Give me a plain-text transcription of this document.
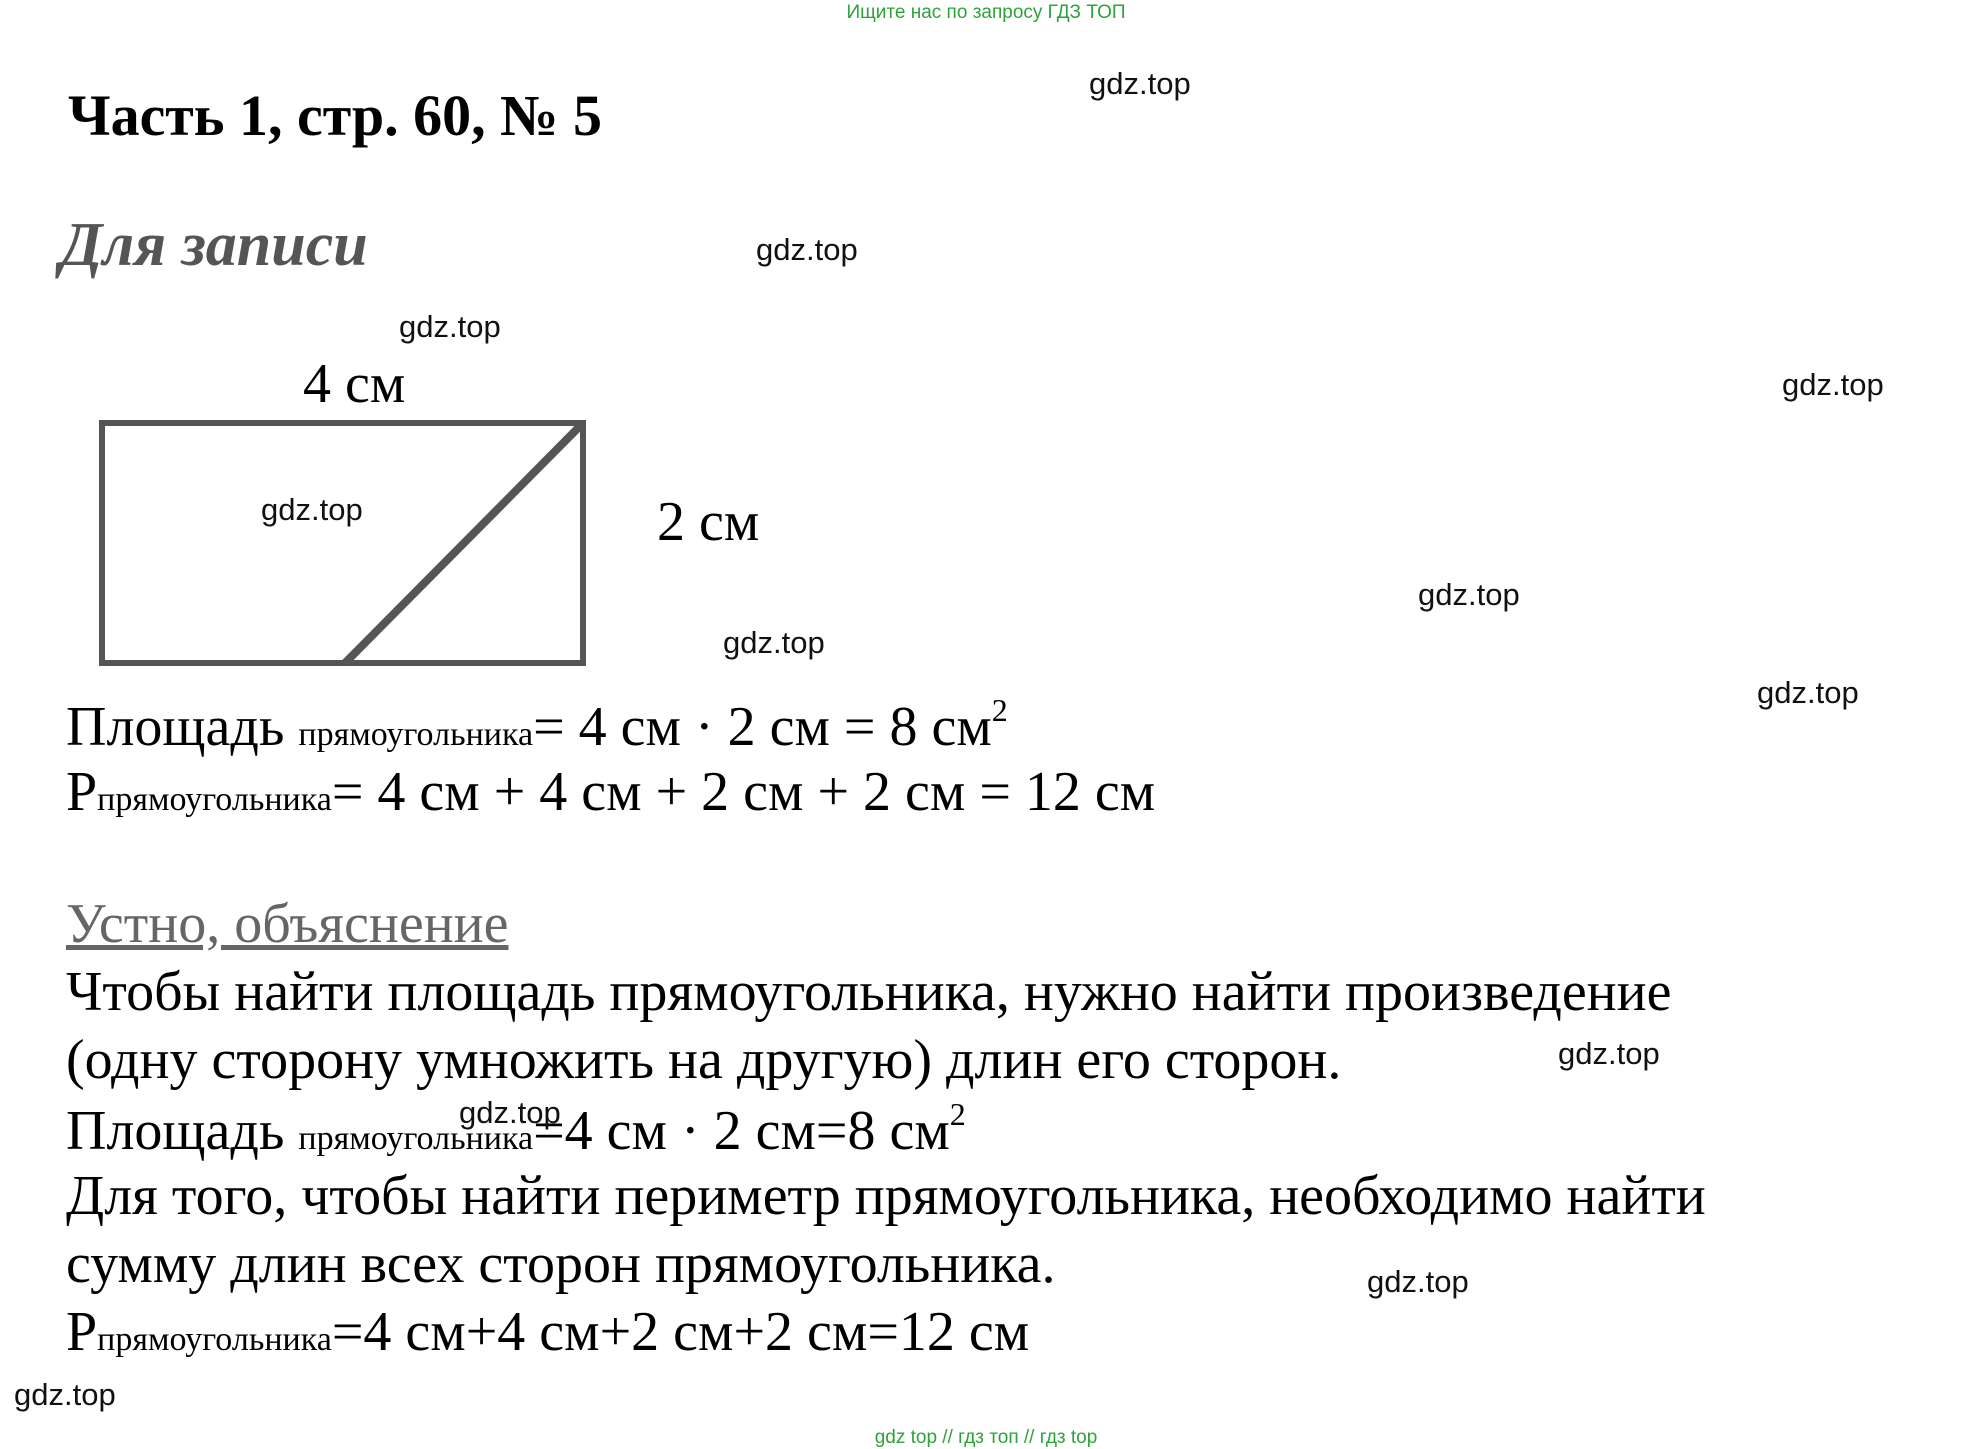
Ищите нас по запросу ГДЗ ТОП
Часть 1, стр. 60, № 5
Для записи
4 см
2 см
Площадь прямоугольника= 4 см · 2 см = 8 $см^2$
Рпрямоугольника= 4 см + 4 см + 2 см + 2 см = 12 см
Устно, объяснение
Чтобы найти площадь прямоугольника, нужно найти произведение
(одну сторону умножить на другую) длин его сторон.
Площадь прямоугольника=4 см · 2 см=8 $см^2$
Для того, чтобы найти периметр прямоугольника, необходимо найти
сумму длин всех сторон прямоугольника.
Рпрямоугольника=4 см+4 см+2 см+2 см=12 см
gdz.top
gdz.top
gdz.top
gdz.top
gdz.top
gdz.top
gdz.top
gdz.top
gdz.top
gdz.top
gdz.top
gdz.top
gdz top // гдз топ // гдз top
